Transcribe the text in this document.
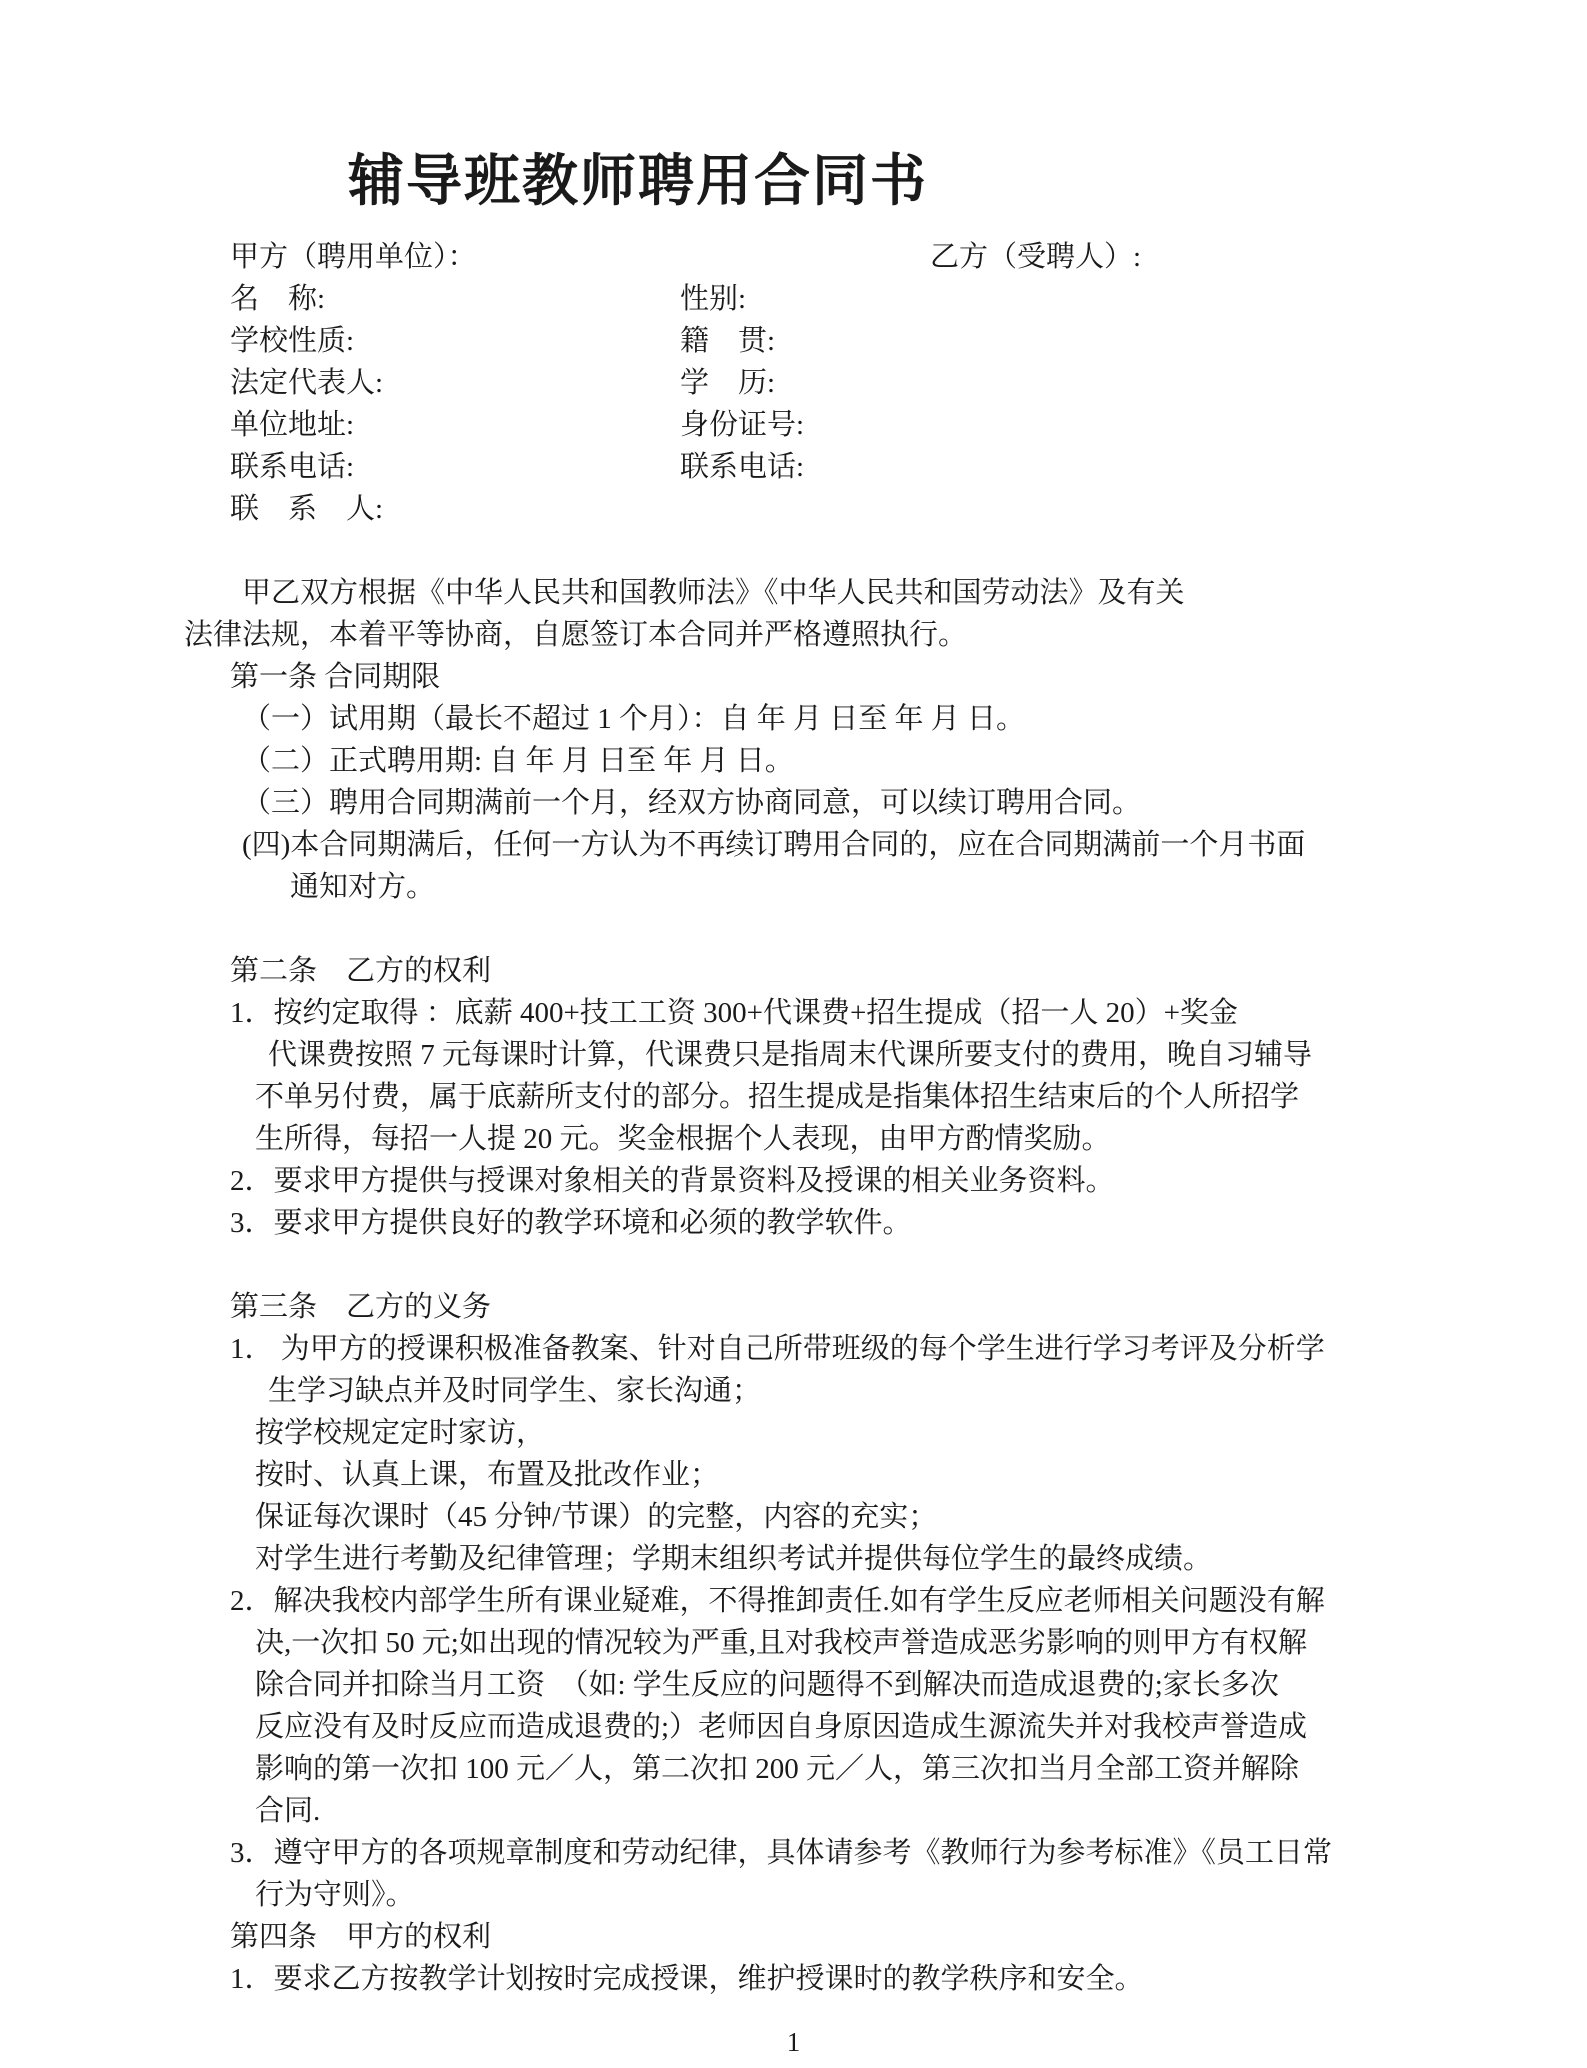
辅导班教师聘用合同书
甲方（聘用单位）：	乙方（受聘人）:
名　称:	性别:
学校性质:	籍　贯:
法定代表人:	学　历:
单位地址:	身份证号:
联系电话:	联系电话:
联　系　人:
甲乙双方根据《中华人民共和国教师法》《中华人民共和国劳动法》及有关
法律法规，本着平等协商，自愿签订本合同并严格遵照执行。
第一条 合同期限
（一）试用期（最长不超过 1 个月）：自 年 月 日至 年 月 日。
（二）正式聘用期: 自 年 月 日至 年 月 日。
（三）聘用合同期满前一个月，经双方协商同意，可以续订聘用合同。
(四)本合同期满后，任何一方认为不再续订聘用合同的，应在合同期满前一个月书面
通知对方。
第二条　乙方的权利
1．按约定取得 ：底薪 400+技工工资 300+代课费+招生提成（招一人 20）+奖金
代课费按照 7 元每课时计算，代课费只是指周末代课所要支付的费用，晚自习辅导
不单另付费，属于底薪所支付的部分。招生提成是指集体招生结束后的个人所招学
生所得，每招一人提 20 元。奖金根据个人表现，由甲方酌情奖励。
2．要求甲方提供与授课对象相关的背景资料及授课的相关业务资料。
3．要求甲方提供良好的教学环境和必须的教学软件。
第三条　乙方的义务
1． 为甲方的授课积极准备教案、针对自己所带班级的每个学生进行学习考评及分析学
生学习缺点并及时同学生、家长沟通；
按学校规定定时家访，
按时、认真上课，布置及批改作业；
保证每次课时（45 分钟/节课）的完整，内容的充实；
对学生进行考勤及纪律管理；学期末组织考试并提供每位学生的最终成绩。
2．解决我校内部学生所有课业疑难，不得推卸责任.如有学生反应老师相关问题没有解
决,一次扣 50 元;如出现的情况较为严重,且对我校声誉造成恶劣影响的则甲方有权解
除合同并扣除当月工资　（如: 学生反应的问题得不到解决而造成退费的;家长多次
反应没有及时反应而造成退费的;）老师因自身原因造成生源流失并对我校声誉造成
影响的第一次扣 100 元／人，第二次扣 200 元／人，第三次扣当月全部工资并解除
合同.
3．遵守甲方的各项规章制度和劳动纪律，具体请参考《教师行为参考标准》《员工日常
行为守则》。
第四条　甲方的权利
1．要求乙方按教学计划按时完成授课，维护授课时的教学秩序和安全。
1
